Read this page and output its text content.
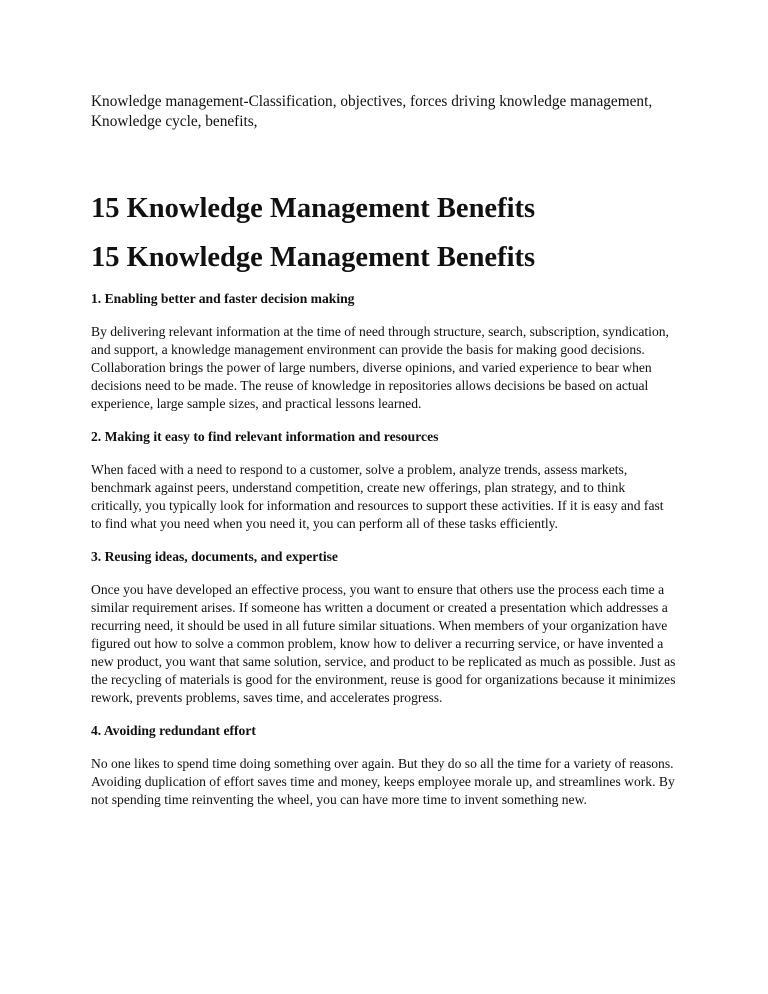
Knowledge management-Classification, objectives, forces driving knowledge management, Knowledge cycle, benefits,

15 Knowledge Management Benefits
15 Knowledge Management Benefits

1. Enabling better and faster decision making

By delivering relevant information at the time of need through structure, search, subscription, syndication, and support, a knowledge management environment can provide the basis for making good decisions. Collaboration brings the power of large numbers, diverse opinions, and varied experience to bear when decisions need to be made. The reuse of knowledge in repositories allows decisions be based on actual experience, large sample sizes, and practical lessons learned.

2. Making it easy to find relevant information and resources

When faced with a need to respond to a customer, solve a problem, analyze trends, assess markets, benchmark against peers, understand competition, create new offerings, plan strategy, and to think critically, you typically look for information and resources to support these activities. If it is easy and fast to find what you need when you need it, you can perform all of these tasks efficiently.

3. Reusing ideas, documents, and expertise

Once you have developed an effective process, you want to ensure that others use the process each time a similar requirement arises. If someone has written a document or created a presentation which addresses a recurring need, it should be used in all future similar situations. When members of your organization have figured out how to solve a common problem, know how to deliver a recurring service, or have invented a new product, you want that same solution, service, and product to be replicated as much as possible. Just as the recycling of materials is good for the environment, reuse is good for organizations because it minimizes rework, prevents problems, saves time, and accelerates progress.

4. Avoiding redundant effort

No one likes to spend time doing something over again. But they do so all the time for a variety of reasons. Avoiding duplication of effort saves time and money, keeps employee morale up, and streamlines work. By not spending time reinventing the wheel, you can have more time to invent something new.
